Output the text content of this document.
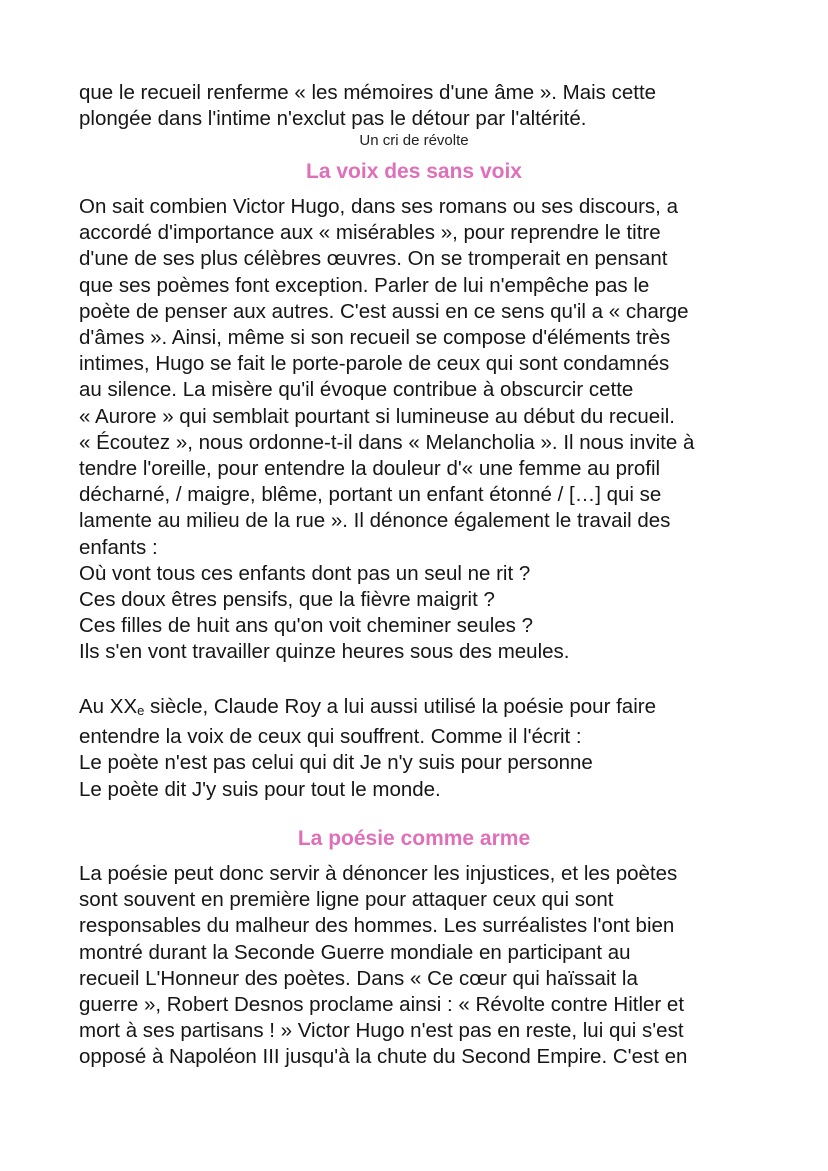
que le recueil renferme « les mémoires d'une âme ». Mais cette
plongée dans l'intime n'exclut pas le détour par l'altérité.
Un cri de révolte
La voix des sans voix
On sait combien Victor Hugo, dans ses romans ou ses discours, a
accordé d'importance aux « misérables », pour reprendre le titre
d'une de ses plus célèbres œuvres. On se tromperait en pensant
que ses poèmes font exception. Parler de lui n'empêche pas le
poète de penser aux autres. C'est aussi en ce sens qu'il a « charge
d'âmes ». Ainsi, même si son recueil se compose d'éléments très
intimes, Hugo se fait le porte-parole de ceux qui sont condamnés
au silence. La misère qu'il évoque contribue à obscurcir cette
« Aurore » qui semblait pourtant si lumineuse au début du recueil.
« Écoutez », nous ordonne-t-il dans « Melancholia ». Il nous invite à
tendre l'oreille, pour entendre la douleur d'« une femme au profil
décharné, / maigre, blême, portant un enfant étonné / […] qui se
lamente au milieu de la rue ». Il dénonce également le travail des
enfants :
Où vont tous ces enfants dont pas un seul ne rit ?
Ces doux êtres pensifs, que la fièvre maigrit ?
Ces filles de huit ans qu'on voit cheminer seules ?
Ils s'en vont travailler quinze heures sous des meules.
Au $XX_e$ siècle, Claude Roy a lui aussi utilisé la poésie pour faire
entendre la voix de ceux qui souffrent. Comme il l'écrit :
Le poète n'est pas celui qui dit Je n'y suis pour personne
Le poète dit J'y suis pour tout le monde.
La poésie comme arme
La poésie peut donc servir à dénoncer les injustices, et les poètes
sont souvent en première ligne pour attaquer ceux qui sont
responsables du malheur des hommes. Les surréalistes l'ont bien
montré durant la Seconde Guerre mondiale en participant au
recueil L'Honneur des poètes. Dans « Ce cœur qui haïssait la
guerre », Robert Desnos proclame ainsi : « Révolte contre Hitler et
mort à ses partisans ! » Victor Hugo n'est pas en reste, lui qui s'est
opposé à Napoléon III jusqu'à la chute du Second Empire. C'est en
